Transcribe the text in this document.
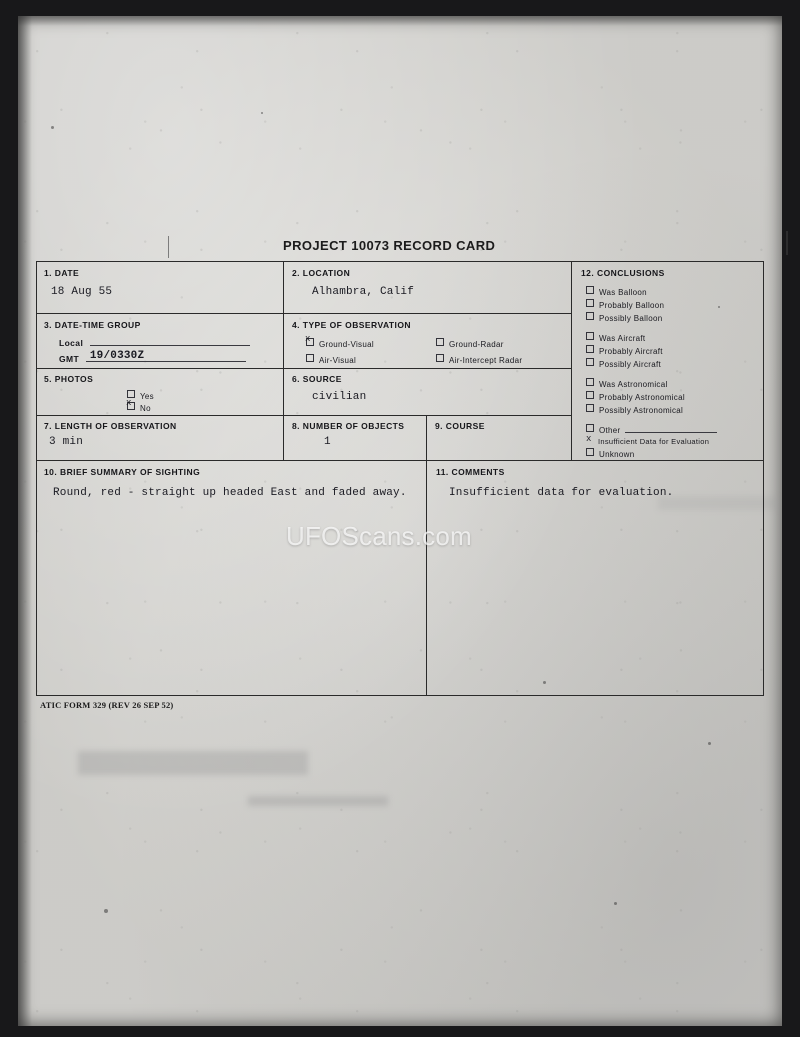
PROJECT 10073 RECORD CARD
1. DATE
18 Aug 55
2. LOCATION
Alhambra, Calif
12. CONCLUSIONS
Was Balloon
Probably Balloon
Possibly Balloon
Was Aircraft
Probably Aircraft
Possibly Aircraft
Was Astronomical
Probably Astronomical
Possibly Astronomical
Other
Insufficient Data for Evaluation x
Unknown
3. DATE-TIME GROUP
Local
GMT 19/0330Z
4. TYPE OF OBSERVATION
x
Ground-Visual	Ground-Radar
Air-Visual	Air-Intercept Radar
5. PHOTOS
Yes
x
No
6. SOURCE
civilian
7. LENGTH OF OBSERVATION
3 min
8. NUMBER OF OBJECTS
1
9. COURSE
10. BRIEF SUMMARY OF SIGHTING
Round, red - straight up headed East and faded away.
11. COMMENTS
Insufficient data for evaluation.
ATIC FORM 329 (REV 26 SEP 52)
UFOScans.com
